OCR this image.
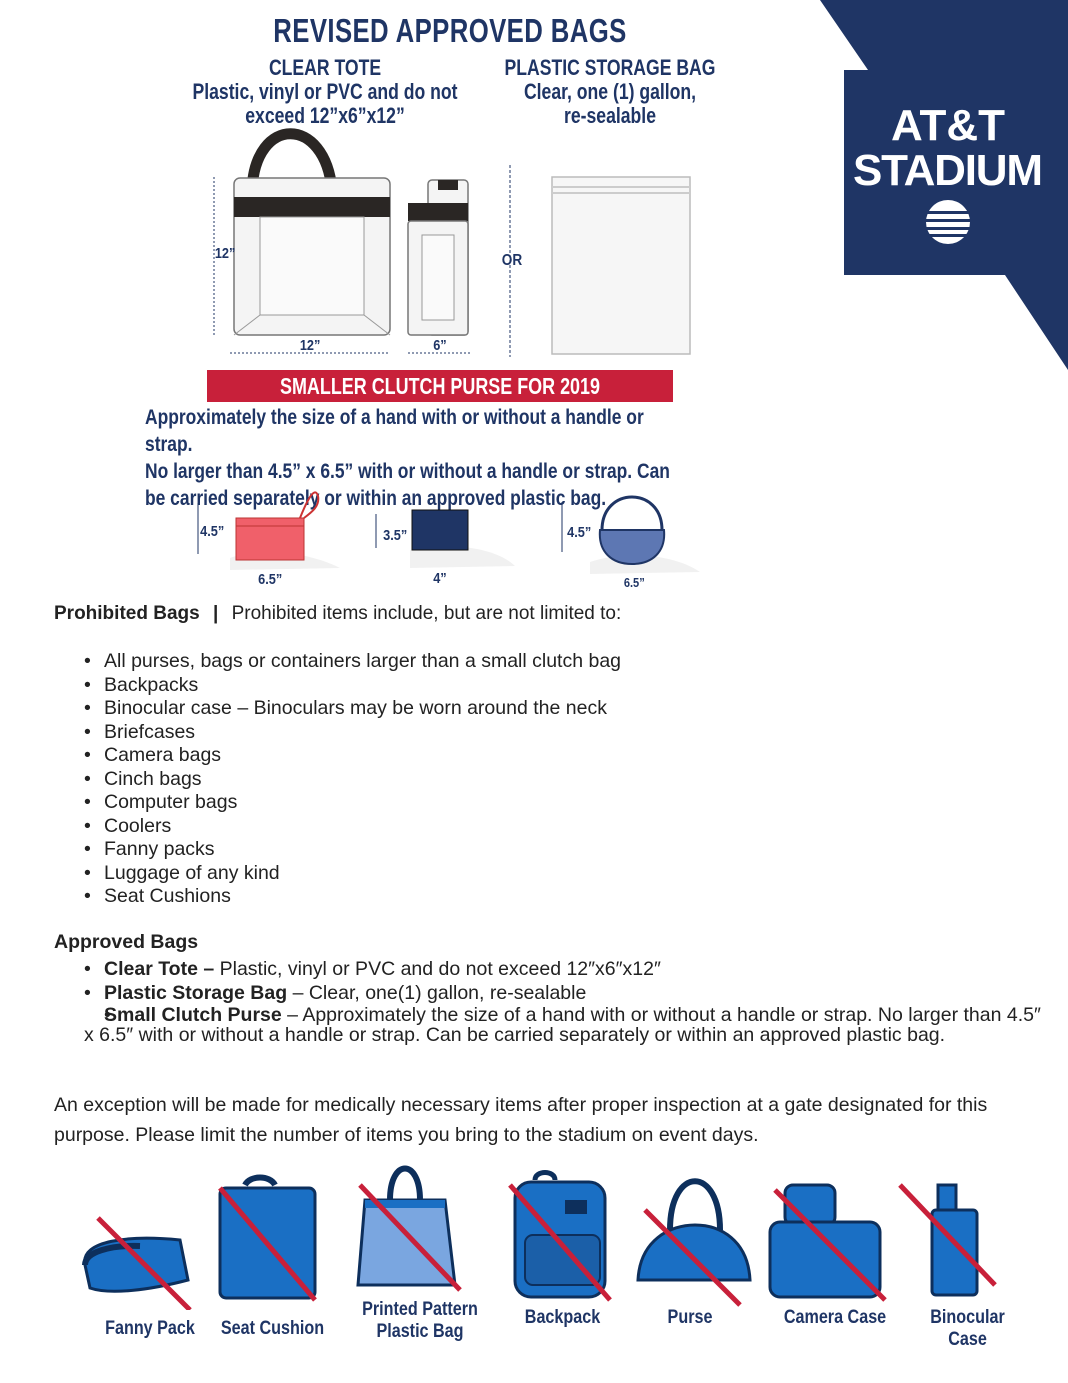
AT&T
STADIUM
REVISED APPROVED BAGS
CLEAR TOTE
Plastic, vinyl or PVC and do not
exceed 12”x6”x12”
PLASTIC STORAGE BAG
Clear, one (1) gallon,
re-sealable
12”
12”	6”
OR
SMALLER CLUTCH PURSE FOR 2019
Approximately the size of a hand with or without a handle or strap.
No larger than 4.5” x 6.5” with or without a handle or strap. Can
be carried separately or within an approved plastic bag.
4.5”
6.5”
3.5”
4”
4.5”
6.5”
Prohibited Bags | Prohibited items include, but are not limited to:
• All purses, bags or containers larger than a small clutch bag
• Backpacks
• Binocular case – Binoculars may be worn around the neck
• Briefcases
• Camera bags
• Cinch bags
• Computer bags
• Coolers
• Fanny packs
• Luggage of any kind
• Seat Cushions
Approved Bags
• Clear Tote – Plastic, vinyl or PVC and do not exceed 12″x6″x12″
• Plastic Storage Bag – Clear, one(1) gallon, re-sealable
• Small Clutch Purse – Approximately the size of a hand with or without a handle or strap. No larger than 4.5″ x 6.5″ with or without a handle or strap. Can be carried separately or within an approved plastic bag.
An exception will be made for medically necessary items after proper inspection at a gate designated for this purpose. Please limit the number of items you bring to the stadium on event days.
Fanny Pack	Seat Cushion
Printed Pattern
Plastic Bag
Backpack	Purse	Camera Case	Binocular Case
